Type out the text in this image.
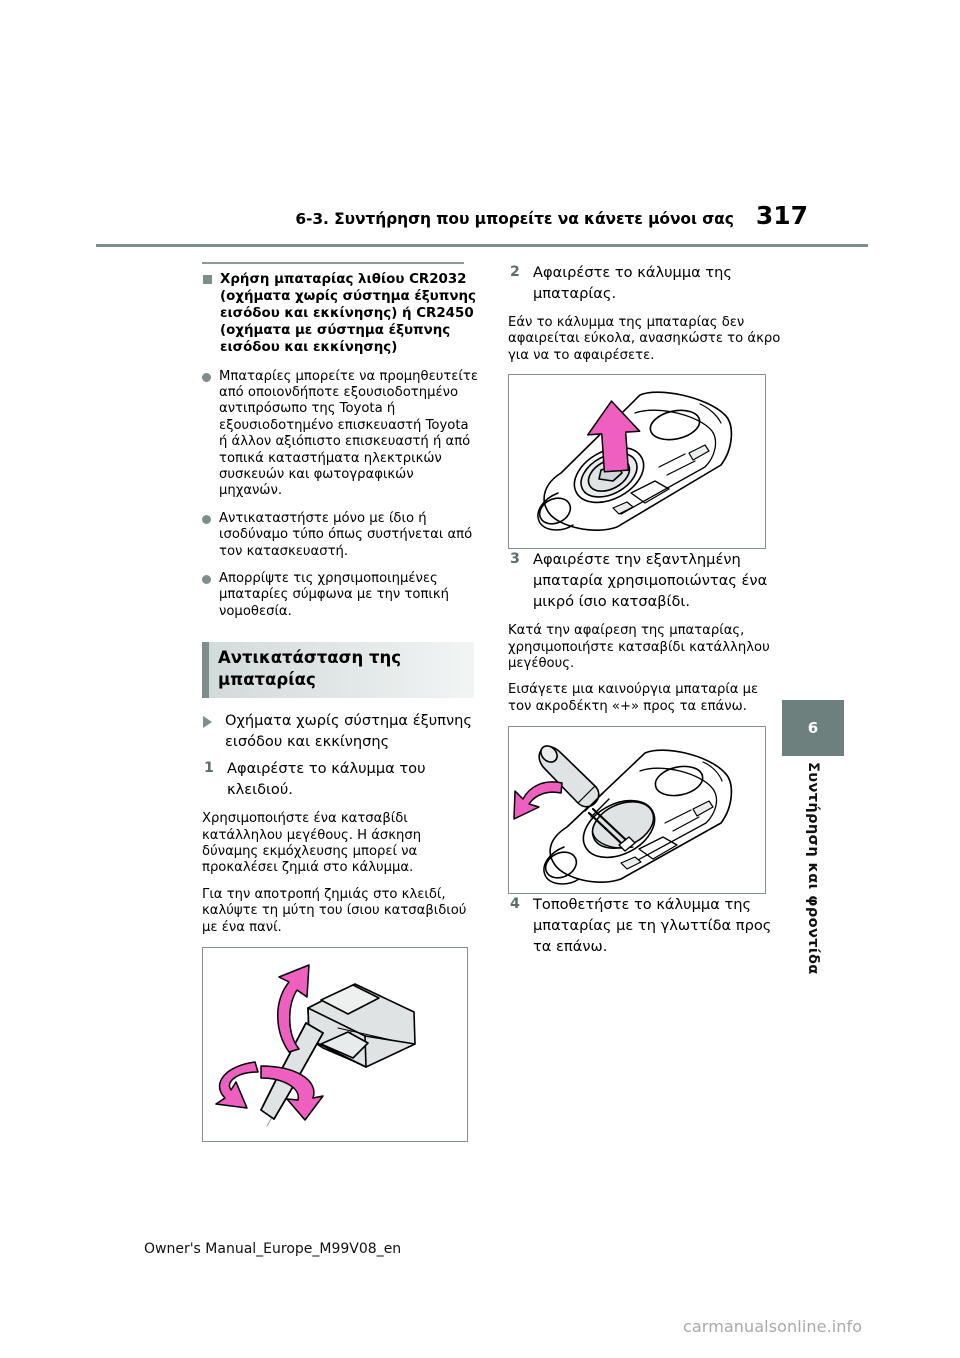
6-3. Συντήρηση που μπορείτε να κάνετε μόνοι σας 317
Χρήση μπαταρίας λιθίου CR2032 (οχήματα χωρίς σύστημα έξυπνης εισόδου και εκκίνησης) ή CR2450 (οχήματα με σύστημα έξυπνης εισόδου και εκκίνησης)
Μπαταρίες μπορείτε να προμηθευτείτε από οποιονδήποτε εξουσιοδοτημένο αντιπρόσωπο της Toyota ή εξουσιοδοτημένο επισκευαστή Toyota ή άλλον αξιόπιστο επισκευαστή ή από τοπικά καταστήματα ηλεκτρικών συσκευών και φωτογραφικών μηχανών.
Αντικαταστήστε μόνο με ίδιο ή ισοδύναμο τύπο όπως συστήνεται από τον κατασκευαστή.
Απορρίψτε τις χρησιμοποιημένες μπαταρίες σύμφωνα με την τοπική νομοθεσία.
Αντικατάσταση της μπαταρίας
Οχήματα χωρίς σύστημα έξυπνης εισόδου και εκκίνησης
1 Αφαιρέστε το κάλυμμα του κλειδιού.
Χρησιμοποιήστε ένα κατσαβίδι κατάλληλου μεγέθους. Η άσκηση δύναμης εκμόχλευσης μπορεί να προκαλέσει ζημιά στο κάλυμμα.
Για την αποτροπή ζημιάς στο κλειδί, καλύψτε τη μύτη του ίσιου κατσαβιδιού με ένα πανί.
2 Αφαιρέστε το κάλυμμα της μπαταρίας.
Εάν το κάλυμμα της μπαταρίας δεν αφαιρείται εύκολα, ανασηκώστε το άκρο για να το αφαιρέσετε.
3 Αφαιρέστε την εξαντλημένη μπαταρία χρησιμοποιώντας ένα μικρό ίσιο κατσαβίδι.
Κατά την αφαίρεση της μπαταρίας, χρησιμοποιήστε κατσαβίδι κατάλληλου μεγέθους.
Εισάγετε μια καινούργια μπαταρία με τον ακροδέκτη «+» προς τα επάνω.
4 Τοποθετήστε το κάλυμμα της μπαταρίας με τη γλωττίδα προς τα επάνω.
6
Συντήρηση και φροντίδα
Owner's Manual_Europe_M99V08_en
carmanualsonline.info
